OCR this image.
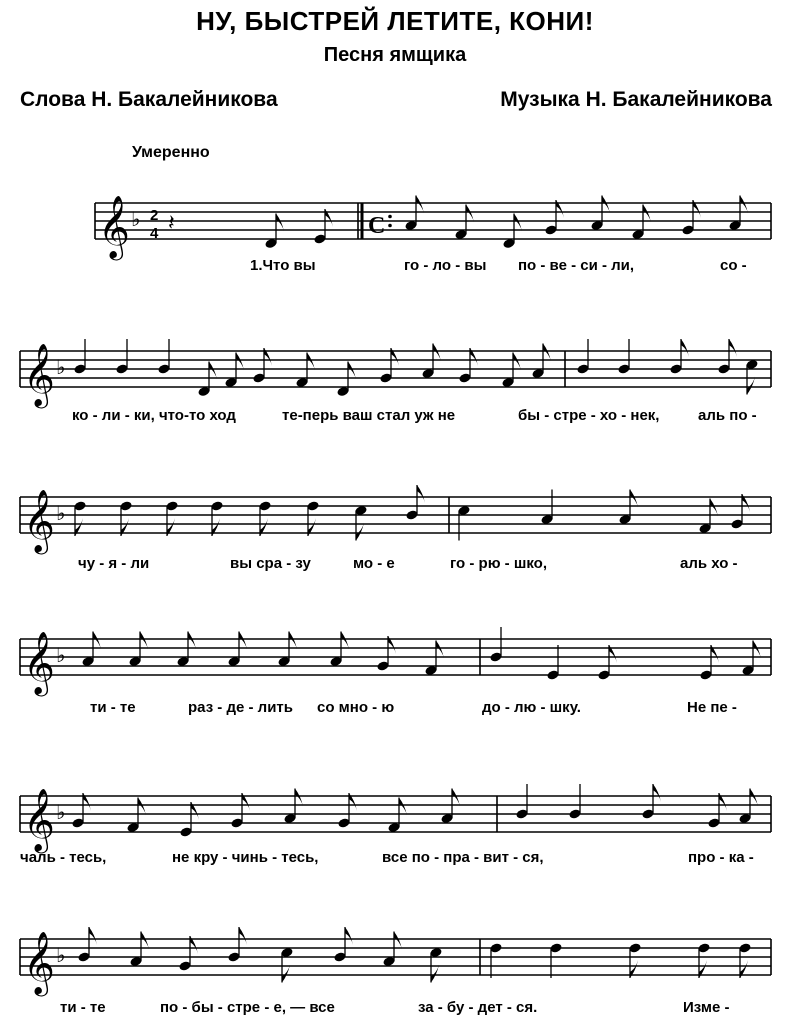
НУ, БЫСТРЕЙ ЛЕТИТЕ, КОНИ!
Песня ямщика
Слова Н. Бакалейникова	Музыка Н. Бакалейникова
Умеренно
𝄞 ♭ 2
4 𝄽	C
1.Что вы	го - ло - вы по - ве - си - ли,	со -
𝄞 ♭
ко - ли - ки, что-то ход	те-перь ваш стал уж не	бы - стре - хо - нек,	аль по -
𝄞 ♭
чу - я - ли	вы сра - зу	мо - е	го - рю - шко,	аль хо -
𝄞 ♭
ти - те	раз - де - лить со мно - ю	до - лю - шку.	Не пе -
𝄞 ♭
чаль - тесь,	не кру - чинь - тесь,	все по - пра - вит - ся,	про - ка -
𝄞 ♭
ти - те	по - бы - стре - е, — все	за - бу - дет - ся.	Изме -
